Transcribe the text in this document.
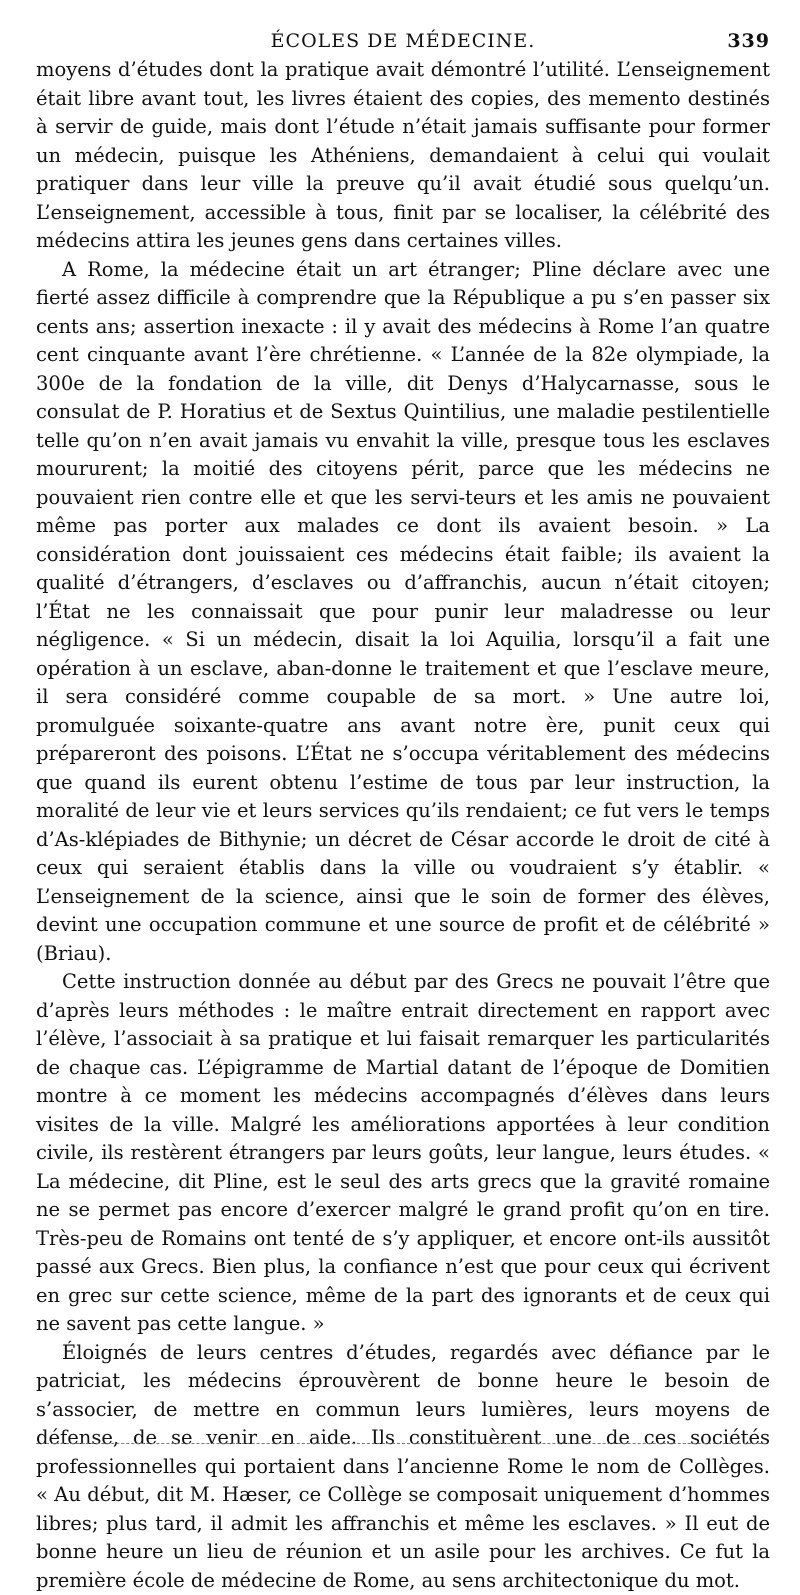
ÉCOLES DE MÉDECINE.	339

moyens d’études dont la pratique avait démontré l’utilité. L’enseignement était libre avant tout, les livres étaient des copies, des memento destinés à servir de guide, mais dont l’étude n’était jamais suffisante pour former un médecin, puisque les Athéniens, demandaient à celui qui voulait pratiquer dans leur ville la preuve qu’il avait étudié sous quelqu’un. L’enseignement, accessible à tous, finit par se localiser, la célébrité des médecins attira les jeunes gens dans certaines villes.

A Rome, la médecine était un art étranger; Pline déclare avec une fierté assez difficile à comprendre que la République a pu s’en passer six cents ans; assertion inexacte : il y avait des médecins à Rome l’an quatre cent cinquante avant l’ère chrétienne. « L’année de la 82e olympiade, la 300e de la fondation de la ville, dit Denys d’Halycarnasse, sous le consulat de P. Horatius et de Sextus Quintilius, une maladie pestilentielle telle qu’on n’en avait jamais vu envahit la ville, presque tous les esclaves moururent; la moitié des citoyens périt, parce que les médecins ne pouvaient rien contre elle et que les servi-teurs et les amis ne pouvaient même pas porter aux malades ce dont ils avaient besoin. » La considération dont jouissaient ces médecins était faible; ils avaient la qualité d’étrangers, d’esclaves ou d’affranchis, aucun n’était citoyen; l’État ne les connaissait que pour punir leur maladresse ou leur négligence. « Si un médecin, disait la loi Aquilia, lorsqu’il a fait une opération à un esclave, aban-donne le traitement et que l’esclave meure, il sera considéré comme coupable de sa mort. » Une autre loi, promulguée soixante-quatre ans avant notre ère, punit ceux qui prépareront des poisons. L’État ne s’occupa véritablement des médecins que quand ils eurent obtenu l’estime de tous par leur instruction, la moralité de leur vie et leurs services qu’ils rendaient; ce fut vers le temps d’As-klépiades de Bithynie; un décret de César accorde le droit de cité à ceux qui seraient établis dans la ville ou voudraient s’y établir. « L’enseignement de la science, ainsi que le soin de former des élèves, devint une occupation commune et une source de profit et de célébrité » (Briau).

Cette instruction donnée au début par des Grecs ne pouvait l’être que d’après leurs méthodes : le maître entrait directement en rapport avec l’élève, l’associait à sa pratique et lui faisait remarquer les particularités de chaque cas. L’épigramme de Martial datant de l’époque de Domitien montre à ce moment les médecins accompagnés d’élèves dans leurs visites de la ville. Malgré les améliorations apportées à leur condition civile, ils restèrent étrangers par leurs goûts, leur langue, leurs études. « La médecine, dit Pline, est le seul des arts grecs que la gravité romaine ne se permet pas encore d’exercer malgré le grand profit qu’on en tire. Très-peu de Romains ont tenté de s’y appliquer, et encore ont-ils aussitôt passé aux Grecs. Bien plus, la confiance n’est que pour ceux qui écrivent en grec sur cette science, même de la part des ignorants et de ceux qui ne savent pas cette langue. »

Éloignés de leurs centres d’études, regardés avec défiance par le patriciat, les médecins éprouvèrent de bonne heure le besoin de s’associer, de mettre en commun leurs lumières, leurs moyens de défense, de se venir en aide. Ils constituèrent une de ces sociétés professionnelles qui portaient dans l’ancienne Rome le nom de Collèges. « Au début, dit M. Hæser, ce Collège se composait uniquement d’hommes libres; plus tard, il admit les affranchis et même les esclaves. » Il eut de bonne heure un lieu de réunion et un asile pour les archives. Ce fut la première école de médecine de Rome, au sens architectonique du mot.
